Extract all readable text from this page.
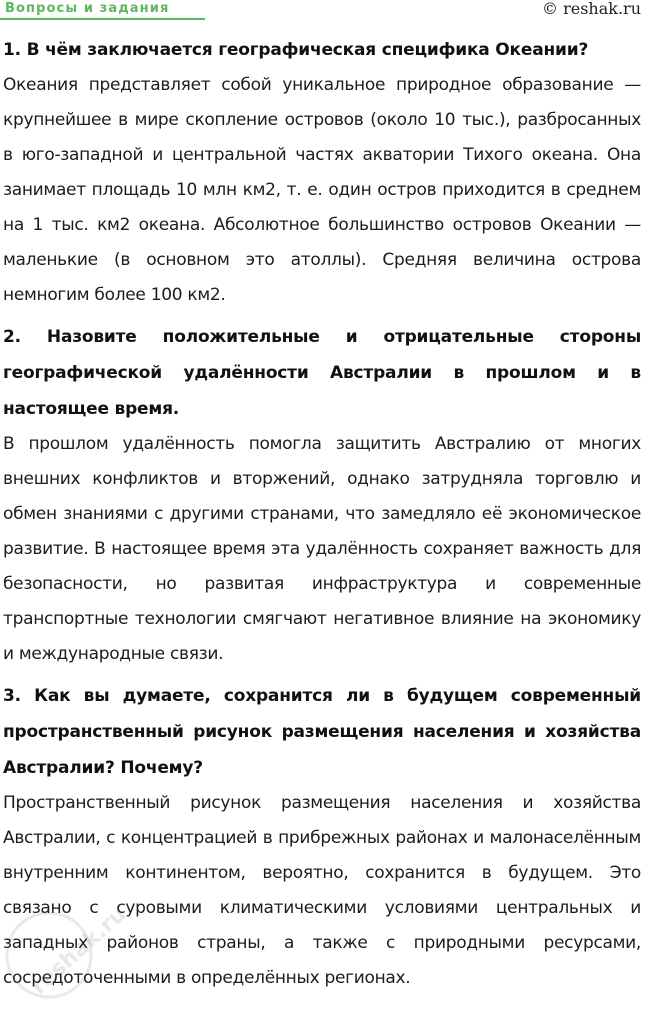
Вопросы и задания	© reshak.ru

1. В чём заключается географическая специфика Океании?

Океания представляет собой уникальное природное образование — крупнейшее в мире скопление островов (около 10 тыс.), разбросанных в юго-западной и центральной частях акватории Тихого океана. Она занимает площадь 10 млн км2, т. е. один остров приходится в среднем на 1 тыс. км2 океана. Абсолютное большинство островов Океании — маленькие (в основном это атоллы). Средняя величина острова немногим более 100 км2.

2. Назовите положительные и отрицательные стороны географической удалённости Австралии в прошлом и в настоящее время.

В прошлом удалённость помогла защитить Австралию от многих внешних конфликтов и вторжений, однако затрудняла торговлю и обмен знаниями с другими странами, что замедляло её экономическое развитие. В настоящее время эта удалённость сохраняет важность для безопасности, но развитая инфраструктура и современные транспортные технологии смягчают негативное влияние на экономику и международные связи.

3. Как вы думаете, сохранится ли в будущем современный пространственный рисунок размещения населения и хозяйства Австралии? Почему?

Пространственный рисунок размещения населения и хозяйства Австралии, с концентрацией в прибрежных районах и малонаселённым внутренним континентом, вероятно, сохранится в будущем. Это связано с суровыми климатическими условиями центральных и западных районов страны, а также с природными ресурсами, сосредоточенными в определённых регионах.

reshak.ru
